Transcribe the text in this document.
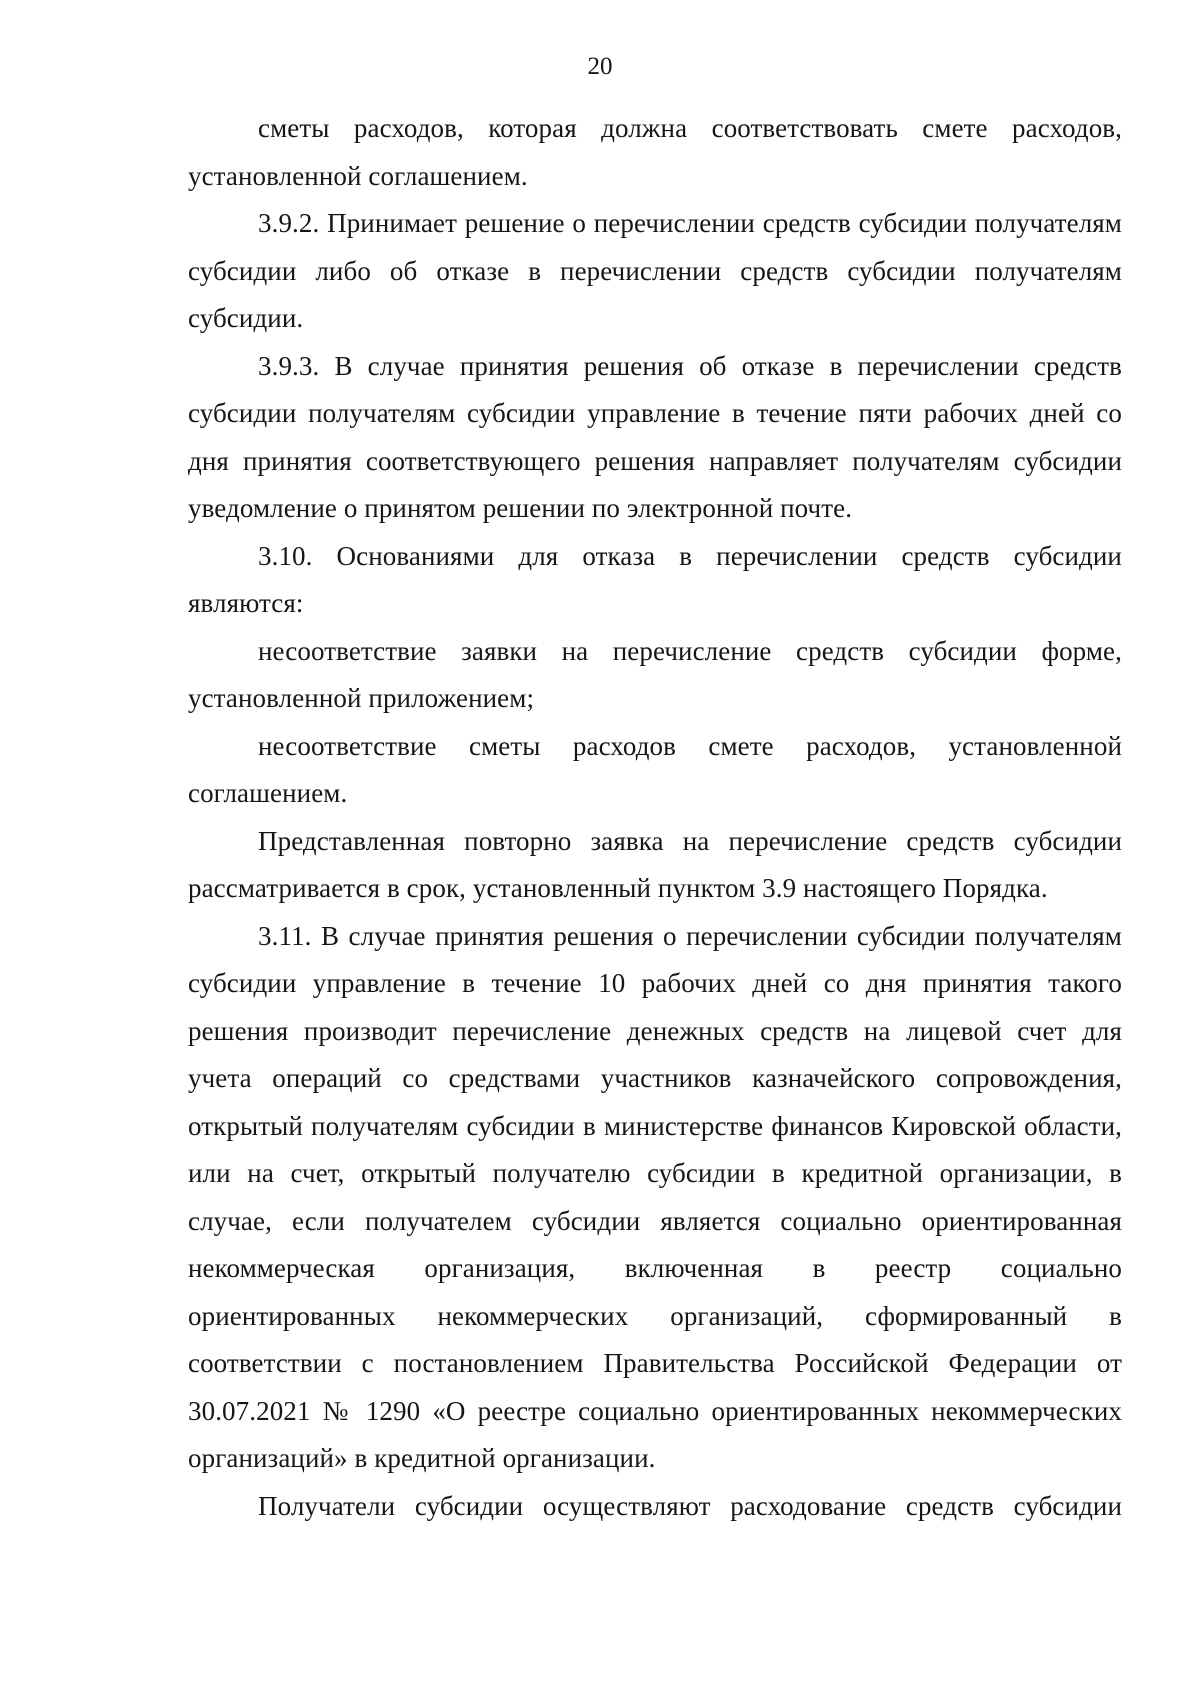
20

сметы расходов, которая должна соответствовать смете расходов, установленной соглашением.

3.9.2. Принимает решение о перечислении средств субсидии получателям субсидии либо об отказе в перечислении средств субсидии получателям субсидии.

3.9.3. В случае принятия решения об отказе в перечислении средств субсидии получателям субсидии управление в течение пяти рабочих дней со дня принятия соответствующего решения направляет получателям субсидии уведомление о принятом решении по электронной почте.

3.10. Основаниями для отказа в перечислении средств субсидии являются:

несоответствие заявки на перечисление средств субсидии форме, установленной приложением;

несоответствие сметы расходов смете расходов, установленной соглашением.

Представленная повторно заявка на перечисление средств субсидии рассматривается в срок, установленный пунктом 3.9 настоящего Порядка.

3.11. В случае принятия решения о перечислении субсидии получателям субсидии управление в течение 10 рабочих дней со дня принятия такого решения производит перечисление денежных средств на лицевой счет для учета операций со средствами участников казначейского сопровождения, открытый получателям субсидии в министерстве финансов Кировской области, или на счет, открытый получателю субсидии в кредитной организации, в случае, если получателем субсидии является социально ориентированная некоммерческая организация, включенная в реестр социально ориентированных некоммерческих организаций, сформированный в соответствии с постановлением Правительства Российской Федерации от 30.07.2021 № 1290 «О реестре социально ориентированных некоммерческих организаций» в кредитной организации.

Получатели субсидии осуществляют расходование средств субсидии
